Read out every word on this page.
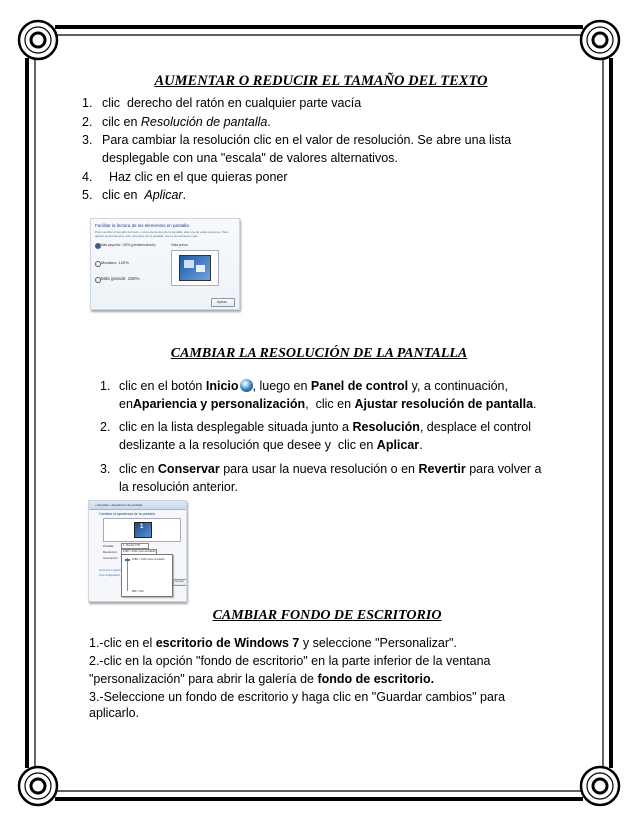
AUMENTAR O REDUCIR EL TAMAÑO DEL TEXTO
1. clic  derecho del ratón en cualquier parte vacía
2. cilc en Resolución de pantalla.
3. Para cambiar la resolución clic en el valor de resolución. Se abre una lista
desplegable con una "escala" de valores alternativos.
4. Haz clic en el que quieras poner
5. clic en  Aplicar.
Facilitar la lectura de los elementos en pantalla
Para cambiar el tamaño del texto y otros elementos de la pantalla, elija una de estas opciones. Para
aplicar temporalmente sólo una parte de la pantalla, use la herramienta Lupa.
Más pequeño: 100% (predeterminado)	Vista previa
Mediano: 125%
Más grande: 150%
Aplicar
CAMBIAR LA RESOLUCIÓN DE LA PANTALLA
1. clic en el botón Inicio , luego en Panel de control y, a continuación,
enApariencia y personalización,  clic en Ajustar resolución de pantalla.
2. clic en la lista desplegable situada junto a Resolución, desplace el control
deslizante a la resolución que desee y  clic en Aplicar.
3. clic en Conservar para usar la nueva resolución o en Revertir para volver a
la resolución anterior.
« Pantalla » Resolución de pantalla
Cambiar la apariencia de la pantalla
1
Pantalla:	1. Monitor PnP
Resolución: 1280 × 1024 (recomendado)
Orientación:	1280 × 1024 (recomendado)
800 × 600
Aumentar o reducir
Qué configuración
Cancelar
CAMBIAR FONDO DE ESCRITORIO
1.-clic en el escritorio de Windows 7 y seleccione "Personalizar".
2.-clic en la opción "fondo de escritorio" en la parte inferior de la ventana
"personalización" para abrir la galería de fondo de escritorio.
3.-Seleccione un fondo de escritorio y haga clic en "Guardar cambios" para
aplicarlo.
